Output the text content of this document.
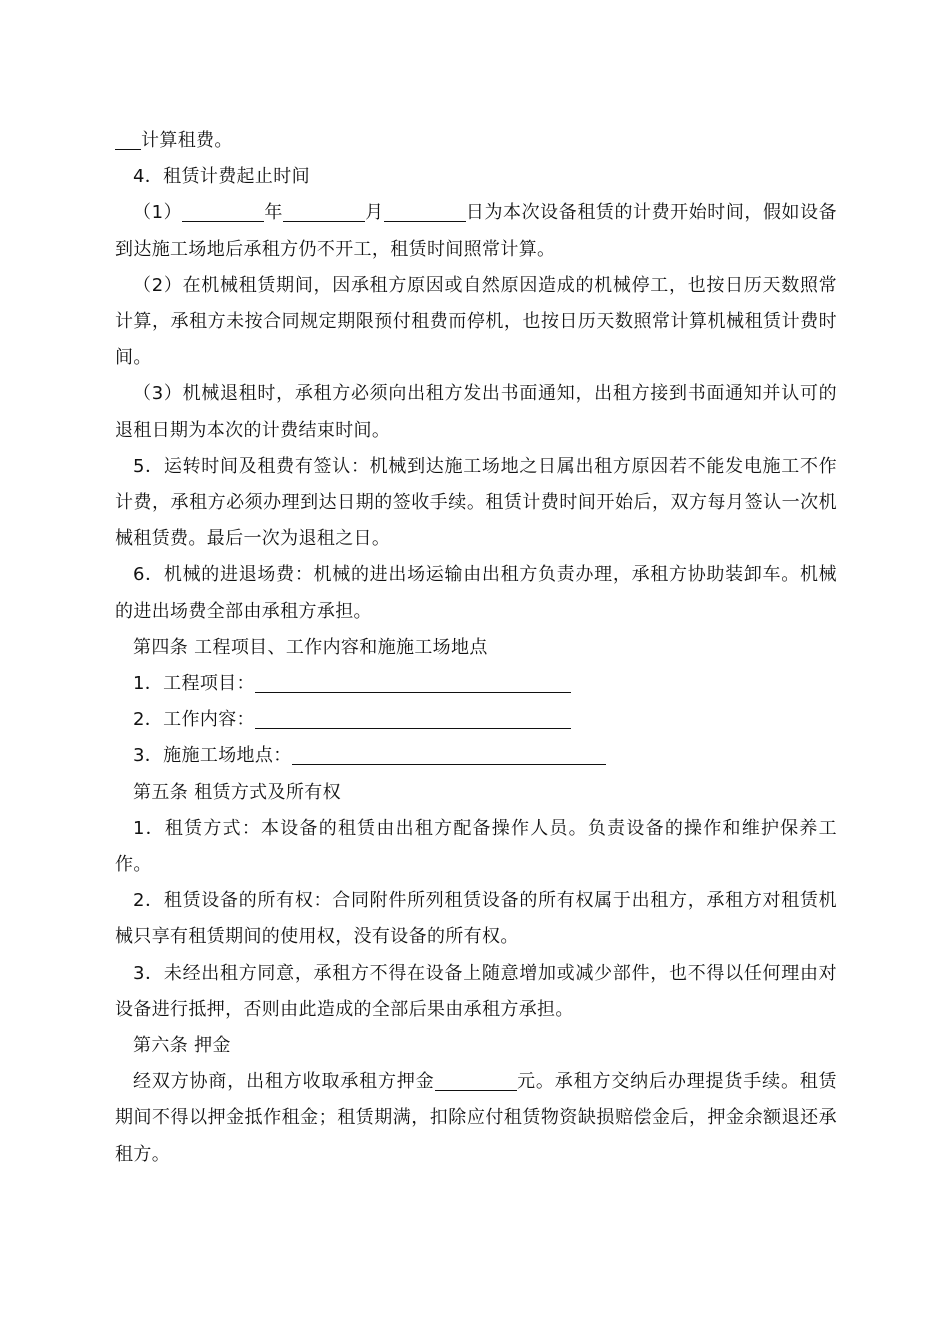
计算租费。

4．租赁计费起止时间

（1）	年	月	日为本次设备租赁的计费开始时间，假如设备到达施工场地后承租方仍不开工，租赁时间照常计算。

（2）在机械租赁期间，因承租方原因或自然原因造成的机械停工，也按日历天数照常计算，承租方未按合同规定期限预付租费而停机，也按日历天数照常计算机械租赁计费时间。

（3）机械退租时，承租方必须向出租方发出书面通知，出租方接到书面通知并认可的退租日期为本次的计费结束时间。

5．运转时间及租费有签认：机械到达施工场地之日属出租方原因若不能发电施工不作计费，承租方必须办理到达日期的签收手续。租赁计费时间开始后，双方每月签认一次机械租赁费。最后一次为退租之日。

6．机械的进退场费：机械的进出场运输由出租方负责办理，承租方协助装卸车。机械的进出场费全部由承租方承担。

第四条 工程项目、工作内容和施施工场地点

1．工程项目：

2．工作内容：

3．施施工场地点：

第五条 租赁方式及所有权

1．租赁方式：本设备的租赁由出租方配备操作人员。负责设备的操作和维护保养工作。

2．租赁设备的所有权：合同附件所列租赁设备的所有权属于出租方，承租方对租赁机械只享有租赁期间的使用权，没有设备的所有权。

3．未经出租方同意，承租方不得在设备上随意增加或减少部件，也不得以任何理由对设备进行抵押，否则由此造成的全部后果由承租方承担。

第六条 押金

经双方协商，出租方收取承租方押金	元。承租方交纳后办理提货手续。租赁期间不得以押金抵作租金；租赁期满，扣除应付租赁物资缺损赔偿金后，押金余额退还承租方。
